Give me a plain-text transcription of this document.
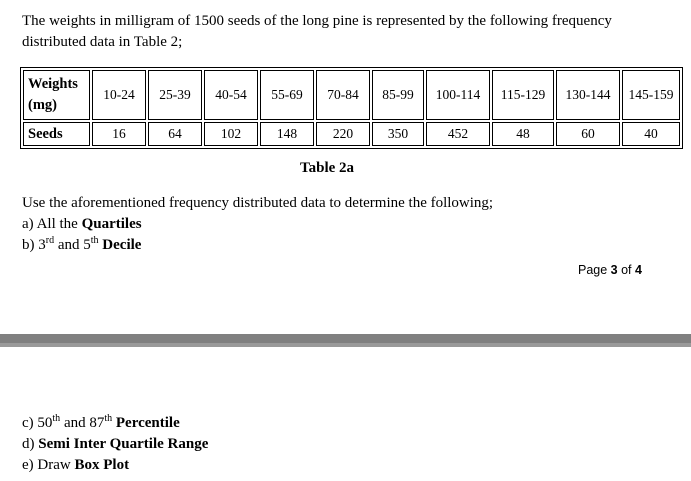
The weights in milligram of 1500 seeds of the long pine is represented by the following frequency distributed data in Table 2;
Weights
(mg)	10-24	25-39	40-54	55-69	70-84	85-99	100-114	115-129	130-144	145-159
Seeds	16	64	102	148	220	350	452	48	60	40
Table 2a
Use the aforementioned frequency distributed data to determine the following;
a) All the Quartiles
b) 3rd and 5th Decile
Page 3 of 4
c) 50th and 87th Percentile
d) Semi Inter Quartile Range
e) Draw Box Plot
